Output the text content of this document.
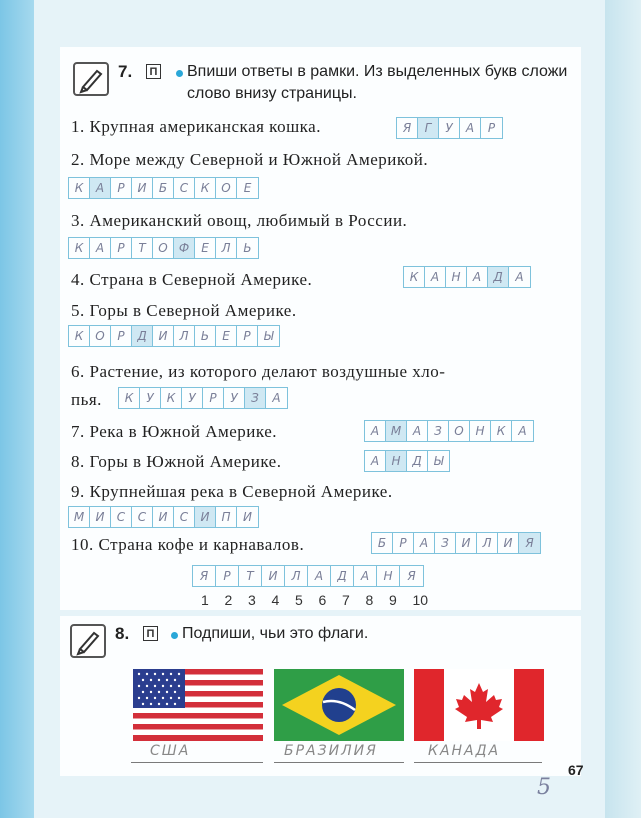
7.	П Впиши ответы в рамки. Из выделенных букв сложи слово внизу страницы.
1. Крупная американская кошка.	Я	Г	У	А	Р
2. Море между Северной и Южной Америкой.
К	А	Р	И	Б	С	К	О	Е
3. Американский овощ, любимый в России.
К	А	Р	Т	О Ф	Е	Л	Ь
4. Страна в Северной Америке.	К	А	Н	А	Д	А
5. Горы в Северной Америке.
К	О	Р	Д И	Л	Ь	Е	Р	Ы
6. Растение, из которого делают воздушные хло-
пья.	К	У	К	У	Р	У	З	А
7. Река в Южной Америке.	А М А	З	О Н	К	А
8. Горы в Южной Америке.	А	Н Д Ы
9. Крупнейшая река в Северной Америке.
М И	С	С	И	С	И	П	И
10. Страна кофе и карнавалов.	Б	Р	А	З	И	Л И	Я
Я	Р	Т	И	Л	А	Д	А	Н	Я
1 2 3 4 5 6 7 8 9 10
8.	П Подпиши, чьи это флаги.
США	БРАЗИЛИЯ	КАНАДА
67
5
